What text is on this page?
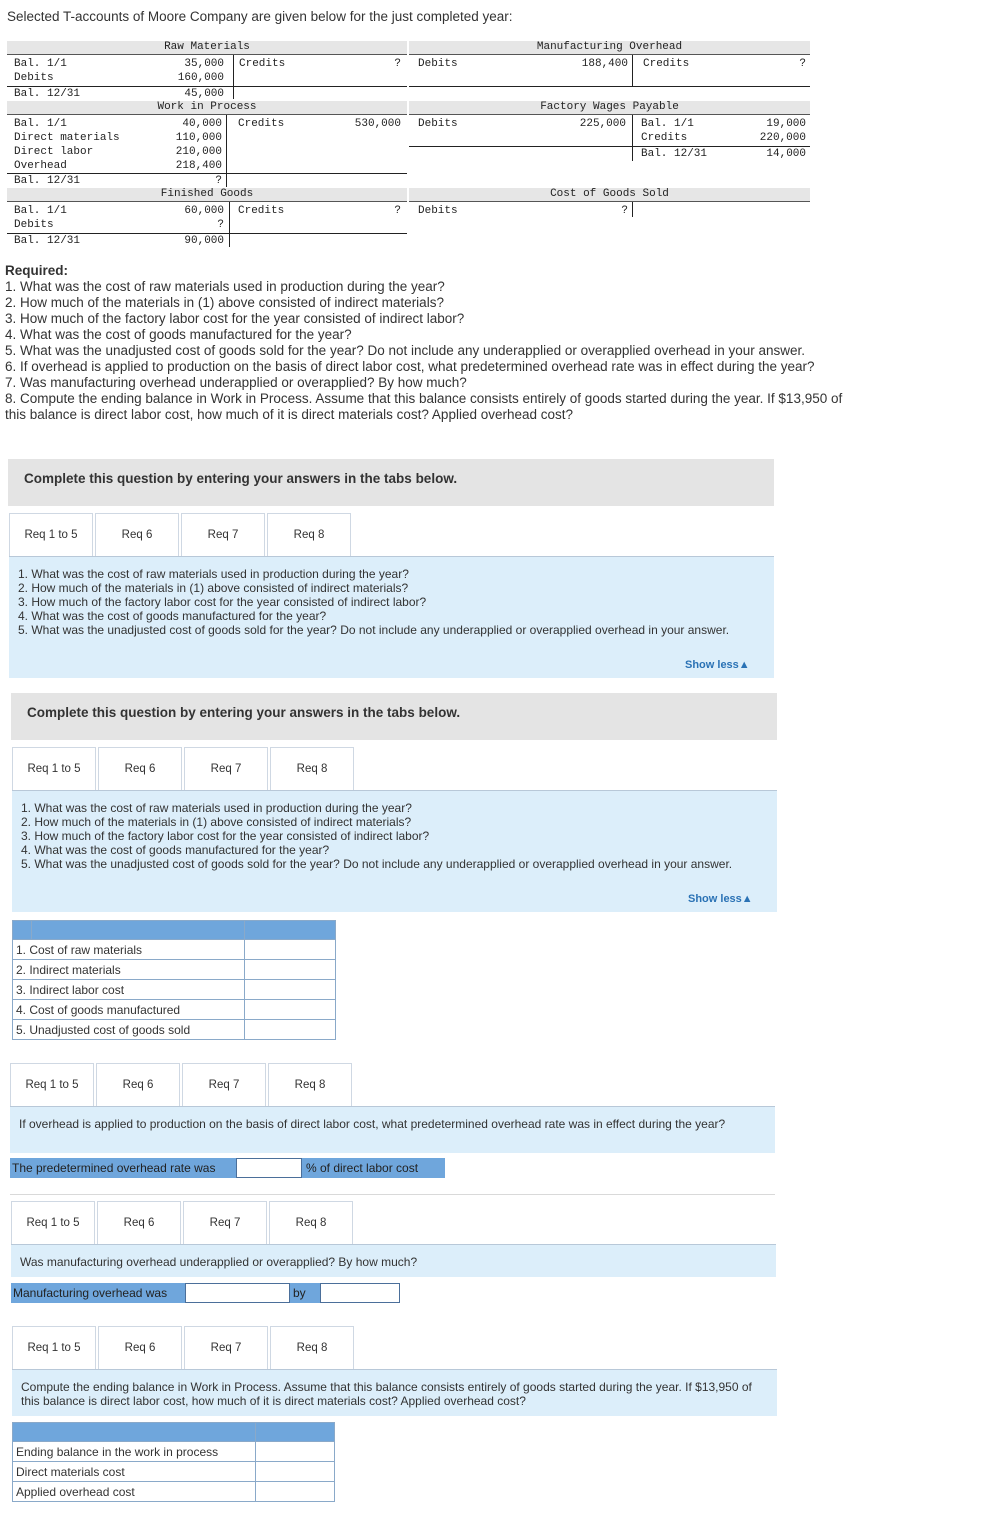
Selected T-accounts of Moore Company are given below for the just completed year:
Raw Materials
Bal. 1/1	35,000 Credits	?
Debits	160,000
Bal. 12/31	45,000
Work in Process
Bal. 1/1	40,000 Credits	530,000
Direct materials	110,000
Direct labor	210,000
Overhead	218,400
Bal. 12/31	?
Finished Goods
Bal. 1/1	60,000 Credits	?
Debits	?
Bal. 12/31	90,000
Manufacturing Overhead
Debits	188,400 Credits	?
Factory Wages Payable
Debits	225,000 Bal. 1/1	19,000
Credits	220,000
Bal. 12/31	14,000
Cost of Goods Sold
Debits	?
Required:
1. What was the cost of raw materials used in production during the year?
2. How much of the materials in (1) above consisted of indirect materials?
3. How much of the factory labor cost for the year consisted of indirect labor?
4. What was the cost of goods manufactured for the year?
5. What was the unadjusted cost of goods sold for the year? Do not include any underapplied or overapplied overhead in your answer.
6. If overhead is applied to production on the basis of direct labor cost, what predetermined overhead rate was in effect during the year?
7. Was manufacturing overhead underapplied or overapplied? By how much?
8. Compute the ending balance in Work in Process. Assume that this balance consists entirely of goods started during the year. If $13,950 of this balance is direct labor cost, how much of it is direct materials cost? Applied overhead cost?
Complete this question by entering your answers in the tabs below.
Req 1 to 5	Req 6	Req 7	Req 8
1. What was the cost of raw materials used in production during the year?
2. How much of the materials in (1) above consisted of indirect materials?
3. How much of the factory labor cost for the year consisted of indirect labor?
4. What was the cost of goods manufactured for the year?
5. What was the unadjusted cost of goods sold for the year? Do not include any underapplied or overapplied overhead in your answer.
Show less▲
Complete this question by entering your answers in the tabs below.
Req 1 to 5	Req 6	Req 7	Req 8
1. What was the cost of raw materials used in production during the year?
2. How much of the materials in (1) above consisted of indirect materials?
3. How much of the factory labor cost for the year consisted of indirect labor?
4. What was the cost of goods manufactured for the year?
5. What was the unadjusted cost of goods sold for the year? Do not include any underapplied or overapplied overhead in your answer.
Show less▲

1. Cost of raw materials	
2. Indirect materials	
3. Indirect labor cost	
4. Cost of goods manufactured	
5. Unadjusted cost of goods sold	
Req 1 to 5	Req 6	Req 7	Req 8
If overhead is applied to production on the basis of direct labor cost, what predetermined overhead rate was in effect during the year?
The predetermined overhead rate was	% of direct labor cost
Req 1 to 5	Req 6	Req 7	Req 8
Was manufacturing overhead underapplied or overapplied? By how much?
Manufacturing overhead was	by
Req 1 to 5	Req 6	Req 7	Req 8
Compute the ending balance in Work in Process. Assume that this balance consists entirely of goods started during the year. If $13,950 of this balance is direct labor cost, how much of it is direct materials cost? Applied overhead cost?

Ending balance in the work in process	
Direct materials cost	
Applied overhead cost	
